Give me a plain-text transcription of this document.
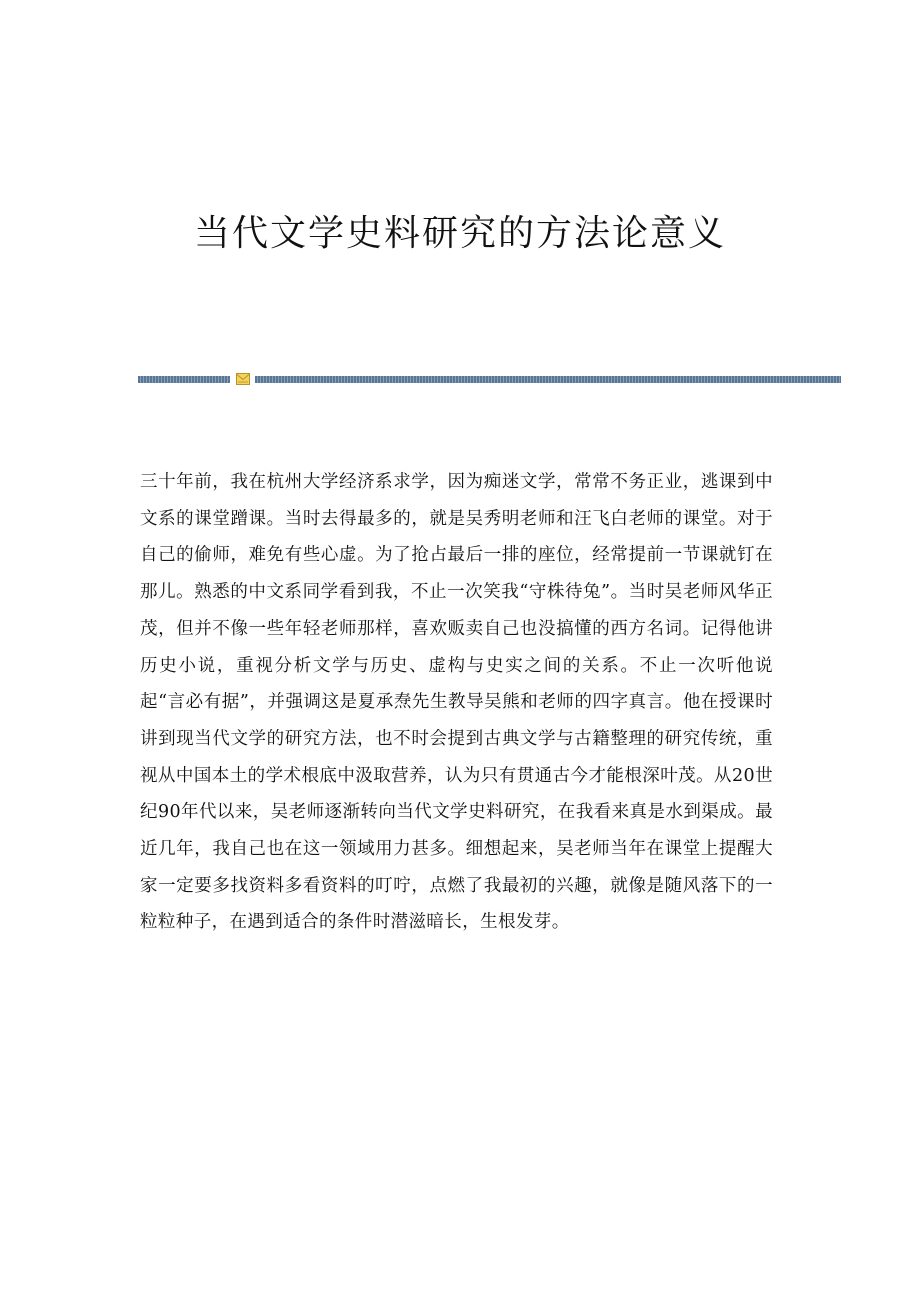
当代文学史料研究的方法论意义

三十年前，我在杭州大学经济系求学，因为痴迷文学，常常不务正业，逃课到中文系的课堂蹭课。当时去得最多的，就是吴秀明老师和汪飞白老师的课堂。对于自己的偷师，难免有些心虚。为了抢占最后一排的座位，经常提前一节课就钉在那儿。熟悉的中文系同学看到我，不止一次笑我“守株待兔”。当时吴老师风华正茂，但并不像一些年轻老师那样，喜欢贩卖自己也没搞懂的西方名词。记得他讲历史小说，重视分析文学与历史、虚构与史实之间的关系。不止一次听他说起“言必有据”，并强调这是夏承焘先生教导吴熊和老师的四字真言。他在授课时讲到现当代文学的研究方法，也不时会提到古典文学与古籍整理的研究传统，重视从中国本土的学术根底中汲取营养，认为只有贯通古今才能根深叶茂。从20世纪90年代以来，吴老师逐渐转向当代文学史料研究，在我看来真是水到渠成。最近几年，我自己也在这一领域用力甚多。细想起来，吴老师当年在课堂上提醒大家一定要多找资料多看资料的叮咛，点燃了我最初的兴趣，就像是随风落下的一粒粒种子，在遇到适合的条件时潜滋暗长，生根发芽。
